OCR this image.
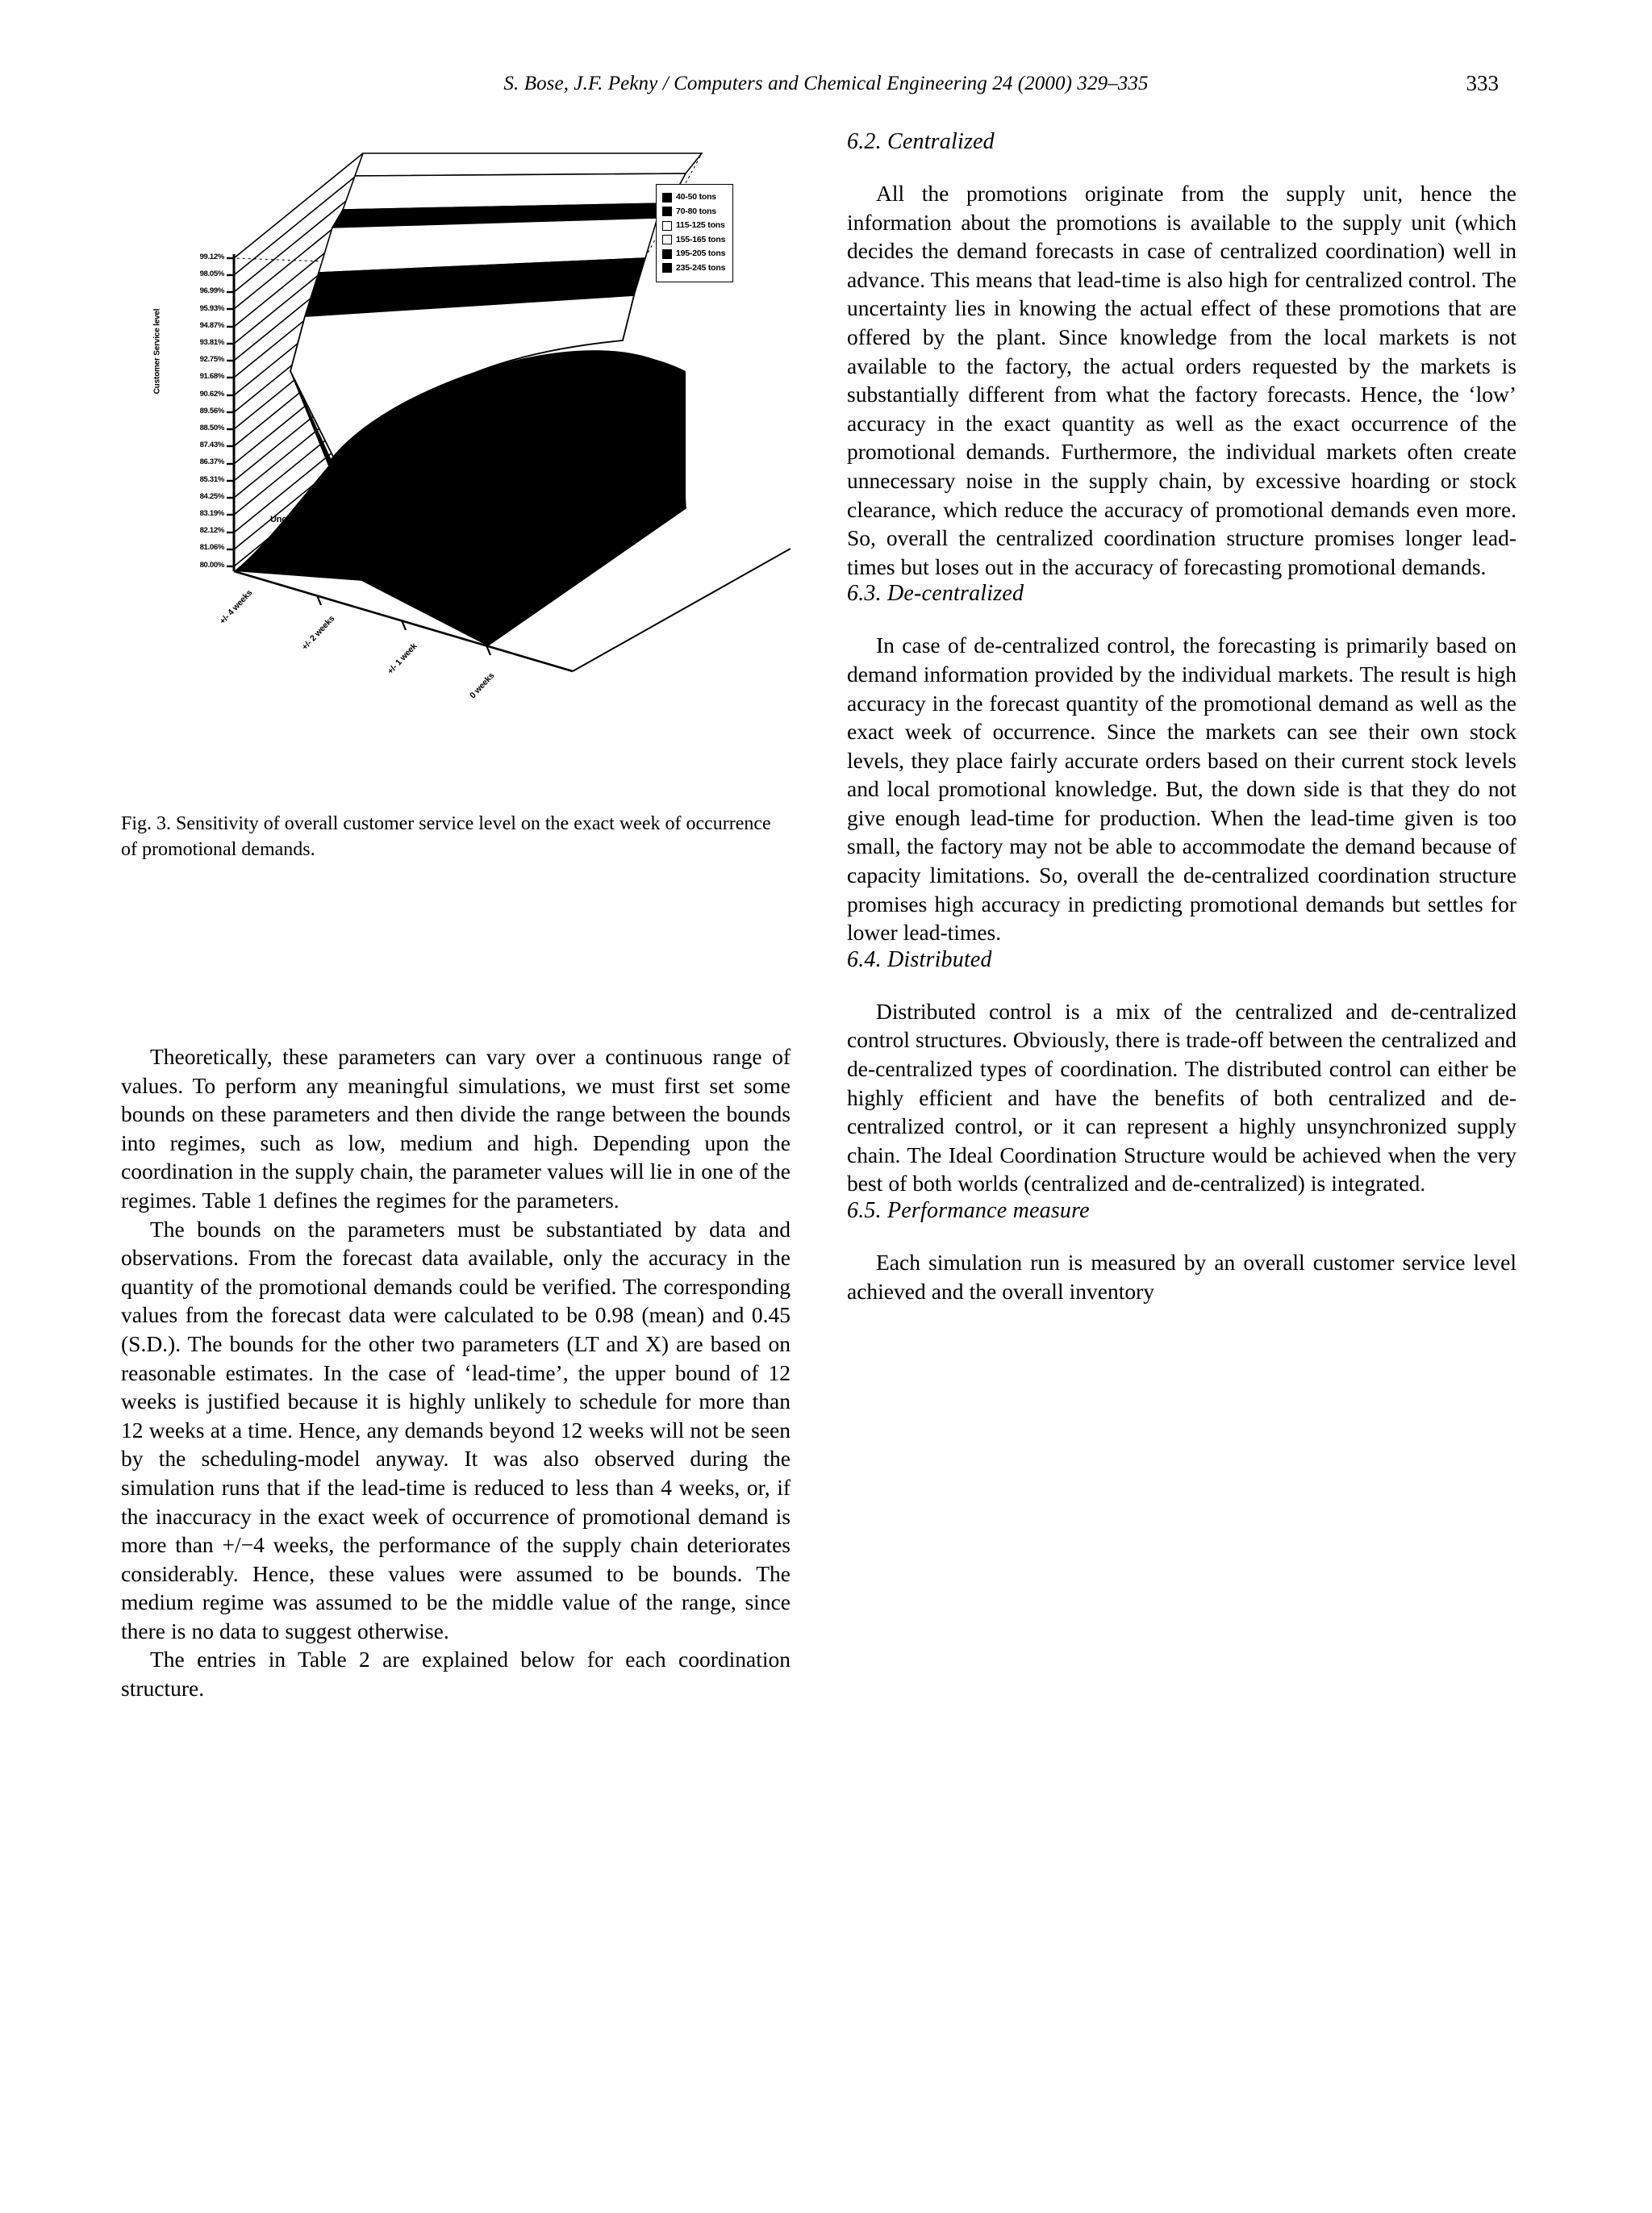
S. Bose, J.F. Pekny / Computers and Chemical Engineering 24 (2000) 329–335	333
99.12%
98.05%
96.99%
95.93%
94.87%
93.81%
92.75%
91.68%
90.62%
89.56%
88.50%
87.43%
86.37%
85.31%
84.25%
83.19%
82.12%
81.06%
80.00%
Customer Service level
40-50 tons
70-80 tons
115-125 tons
155-165 tons
195-205 tons
235-245 tons
235-245 tons
195-205 tons
155-165 tons
115-125 tons
70-80 tons
40-50 tons
Average Inventory
+/- 4 weeks
+/- 2 weeks
+/- 1 week
0 weeks
Uncertainty
Alpha	u a
1
Fig. 3. Sensitivity of overall customer service level on the exact week of occurrence of promotional demands.

Theoretically, these parameters can vary over a continuous range of values. To perform any meaningful simulations, we must first set some bounds on these parameters and then divide the range between the bounds into regimes, such as low, medium and high. Depending upon the coordination in the supply chain, the parameter values will lie in one of the regimes. Table 1 defines the regimes for the parameters.

The bounds on the parameters must be substantiated by data and observations. From the forecast data available, only the accuracy in the quantity of the promotional demands could be verified. The corresponding values from the forecast data were calculated to be 0.98 (mean) and 0.45 (S.D.). The bounds for the other two parameters (LT and X) are based on reasonable estimates. In the case of ‘lead-time’, the upper bound of 12 weeks is justified because it is highly unlikely to schedule for more than 12 weeks at a time. Hence, any demands beyond 12 weeks will not be seen by the scheduling-model anyway. It was also observed during the simulation runs that if the lead-time is reduced to less than 4 weeks, or, if the inaccuracy in the exact week of occurrence of promotional demand is more than +/−4 weeks, the performance of the supply chain deteriorates considerably. Hence, these values were assumed to be bounds. The medium regime was assumed to be the middle value of the range, since there is no data to suggest otherwise.

The entries in Table 2 are explained below for each coordination structure.

6.2. Centralized

All the promotions originate from the supply unit, hence the information about the promotions is available to the supply unit (which decides the demand forecasts in case of centralized coordination) well in advance. This means that lead-time is also high for centralized control. The uncertainty lies in knowing the actual effect of these promotions that are offered by the plant. Since knowledge from the local markets is not available to the factory, the actual orders requested by the markets is substantially different from what the factory forecasts. Hence, the ‘low’ accuracy in the exact quantity as well as the exact occurrence of the promotional demands. Furthermore, the individual markets often create unnecessary noise in the supply chain, by excessive hoarding or stock clearance, which reduce the accuracy of promotional demands even more. So, overall the centralized coordination structure promises longer lead-times but loses out in the accuracy of forecasting promotional demands.

6.3. De-centralized

In case of de-centralized control, the forecasting is primarily based on demand information provided by the individual markets. The result is high accuracy in the forecast quantity of the promotional demand as well as the exact week of occurrence. Since the markets can see their own stock levels, they place fairly accurate orders based on their current stock levels and local promotional knowledge. But, the down side is that they do not give enough lead-time for production. When the lead-time given is too small, the factory may not be able to accommodate the demand because of capacity limitations. So, overall the de-centralized coordination structure promises high accuracy in predicting promotional demands but settles for lower lead-times.

6.4. Distributed

Distributed control is a mix of the centralized and de-centralized control structures. Obviously, there is trade-off between the centralized and de-centralized types of coordination. The distributed control can either be highly efficient and have the benefits of both centralized and de-centralized control, or it can represent a highly unsynchronized supply chain. The Ideal Coordination Structure would be achieved when the very best of both worlds (centralized and de-centralized) is integrated.

6.5. Performance measure

Each simulation run is measured by an overall customer service level achieved and the overall inventory
